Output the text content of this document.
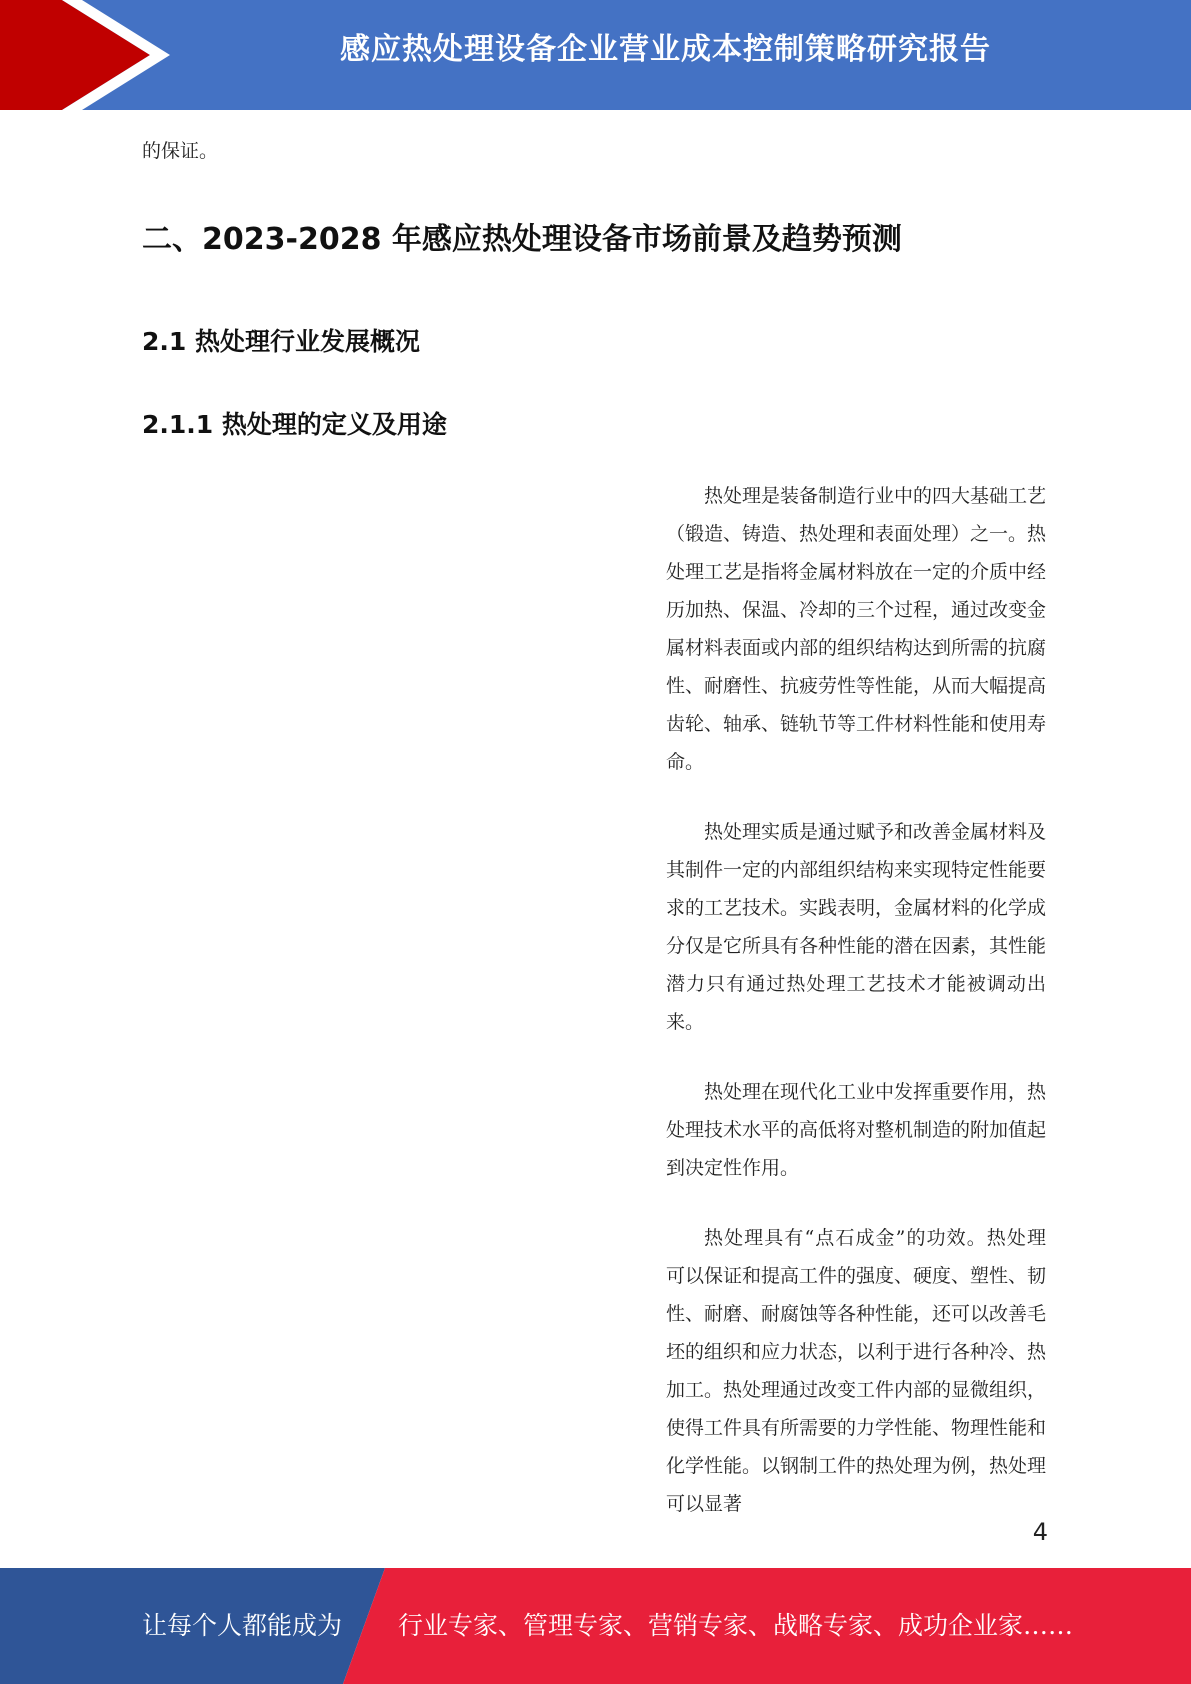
感应热处理设备企业营业成本控制策略研究报告
的保证。
二、2023-2028 年感应热处理设备市场前景及趋势预测
2.1 热处理行业发展概况
2.1.1 热处理的定义及用途

热处理是装备制造行业中的四大基础工艺（锻造、铸造、热处理和表面处理）之一。热处理工艺是指将金属材料放在一定的介质中经历加热、保温、冷却的三个过程，通过改变金属材料表面或内部的组织结构达到所需的抗腐性、耐磨性、抗疲劳性等性能，从而大幅提高齿轮、轴承、链轨节等工件材料性能和使用寿命。

热处理实质是通过赋予和改善金属材料及其制件一定的内部组织结构来实现特定性能要求的工艺技术。实践表明，金属材料的化学成分仅是它所具有各种性能的潜在因素，其性能潜力只有通过热处理工艺技术才能被调动出来。

热处理在现代化工业中发挥重要作用，热处理技术水平的高低将对整机制造的附加值起到决定性作用。

热处理具有“点石成金”的功效。热处理可以保证和提高工件的强度、硬度、塑性、韧性、耐磨、耐腐蚀等各种性能，还可以改善毛坯的组织和应力状态，以利于进行各种冷、热加工。热处理通过改变工件内部的显微组织，使得工件具有所需要的力学性能、物理性能和化学性能。以钢制工件的热处理为例，热处理可以显著

4
让每个人都能成为 行业专家、管理专家、营销专家、战略专家、成功企业家……
